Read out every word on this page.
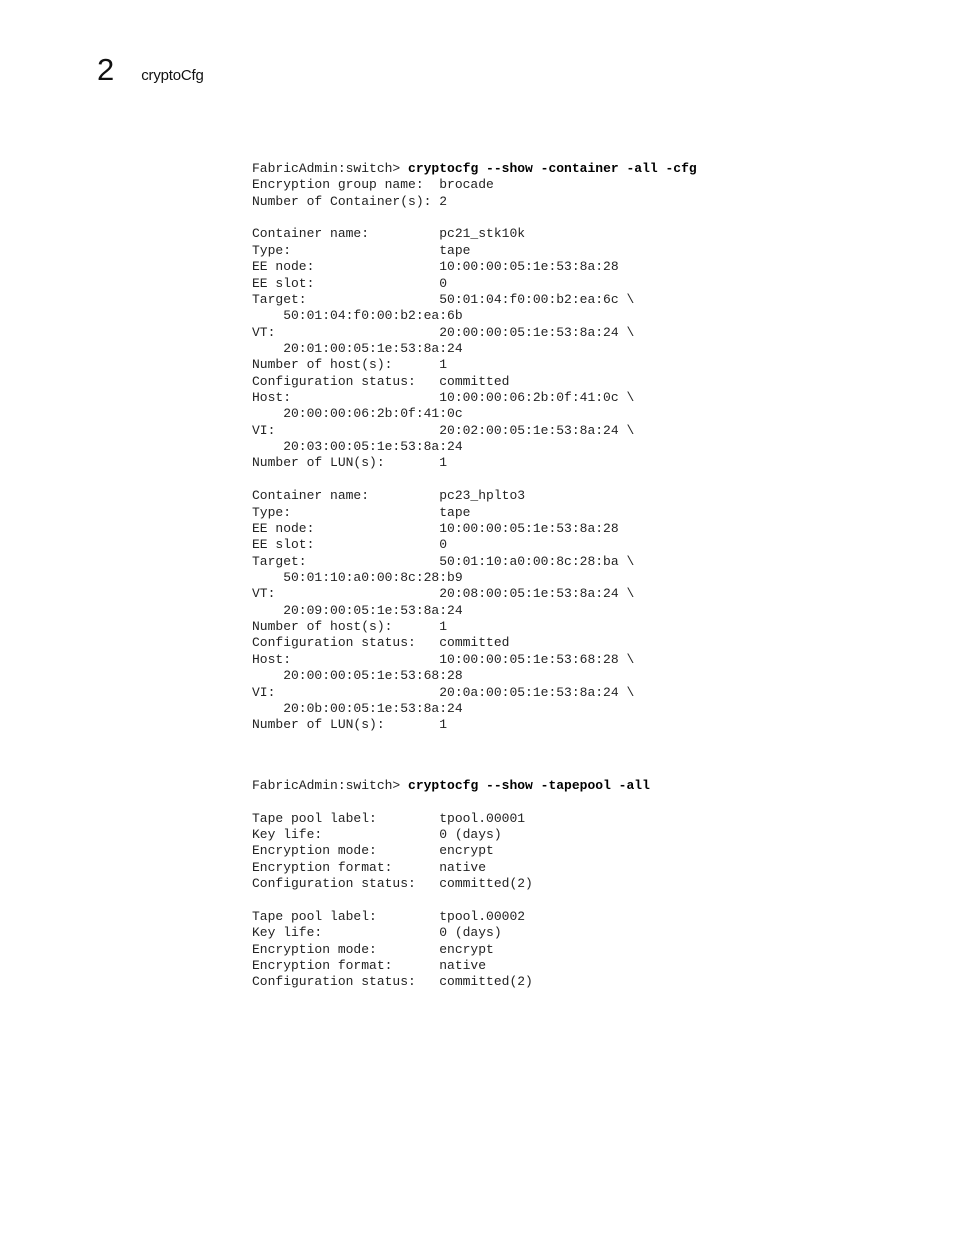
2 cryptoCfg
FabricAdmin:switch> cryptocfg --show -container -all -cfg
Encryption group name:  brocade
Number of Container(s): 2

Container name:         pc21_stk10k
Type:                   tape
EE node:                10:00:00:05:1e:53:8a:28
EE slot:                0
Target:                 50:01:04:f0:00:b2:ea:6c \
50:01:04:f0:00:b2:ea:6b
VT:                     20:00:00:05:1e:53:8a:24 \
20:01:00:05:1e:53:8a:24
Number of host(s):      1
Configuration status:   committed
Host:                   10:00:00:06:2b:0f:41:0c \
20:00:00:06:2b:0f:41:0c
VI:                     20:02:00:05:1e:53:8a:24 \
20:03:00:05:1e:53:8a:24
Number of LUN(s):       1

Container name:         pc23_hplto3
Type:                   tape
EE node:                10:00:00:05:1e:53:8a:28
EE slot:                0
Target:                 50:01:10:a0:00:8c:28:ba \
50:01:10:a0:00:8c:28:b9
VT:                     20:08:00:05:1e:53:8a:24 \
20:09:00:05:1e:53:8a:24
Number of host(s):      1
Configuration status:   committed
Host:                   10:00:00:05:1e:53:68:28 \
20:00:00:05:1e:53:68:28
VI:                     20:0a:00:05:1e:53:8a:24 \
20:0b:00:05:1e:53:8a:24
Number of LUN(s):       1
FabricAdmin:switch> cryptocfg --show -tapepool -all

Tape pool label:        tpool.00001
Key life:               0 (days)
Encryption mode:        encrypt
Encryption format:      native
Configuration status:   committed(2)

Tape pool label:        tpool.00002
Key life:               0 (days)
Encryption mode:        encrypt
Encryption format:      native
Configuration status:   committed(2)
